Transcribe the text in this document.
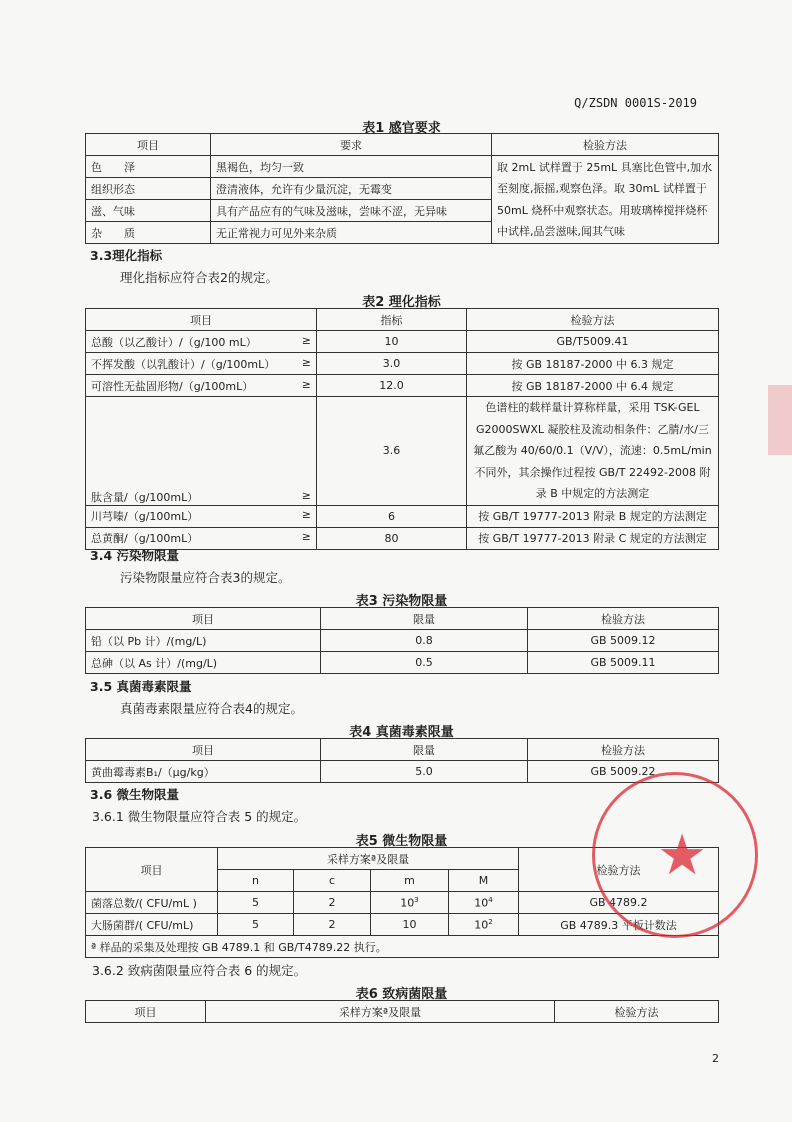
Q/ZSDN 0001S-2019
表1 感官要求
项目	要求	检验方法
色　　泽	黑褐色，均匀一致	取 2mL 试样置于 25mL 具塞比色管中,加水至刻度,振摇,观察色泽。取 30mL 试样置于 50mL 烧杯中观察状态。用玻璃棒搅拌烧杯中试样,品尝滋味,闻其气味
组织形态	澄清液体，允许有少量沉淀，无霉变	
滋、气味	具有产品应有的气味及滋味，尝味不涩，无异味	
杂　　质	无正常视力可见外来杂质	
3.3理化指标
理化指标应符合表2的规定。
表2 理化指标
项目	指标	检验方法
总酸（以乙酸计）/（g/100 mL） ≥	10	GB/T5009.41
不挥发酸（以乳酸计）/（g/100mL） ≥	3.0	按 GB 18187-2000 中 6.3 规定
可溶性无盐固形物/（g/100mL） ≥	12.0	按 GB 18187-2000 中 6.4 规定
肽含量/（g/100mL） ≥	3.6	色谱柱的载样量计算称样量，采用 TSK-GEL G2000SWXL 凝胶柱及流动相条件：乙腈/水/三氟乙酸为 40/60/0.1（V/V），流速：0.5mL/min 不同外，其余操作过程按 GB/T 22492-2008 附录 B 中规定的方法测定
川芎嗪/（g/100mL） ≥	6	按 GB/T 19777-2013 附录 B 规定的方法测定
总黄酮/（g/100mL） ≥	80	按 GB/T 19777-2013 附录 C 规定的方法测定
3.4 污染物限量
污染物限量应符合表3的规定。
表3 污染物限量
项目	限量	检验方法
铅（以 Pb 计）/(mg/L)	0.8	GB 5009.12
总砷（以 As 计）/(mg/L)	0.5	GB 5009.11
3.5 真菌毒素限量
真菌毒素限量应符合表4的规定。
表4 真菌毒素限量
项目	限量	检验方法
黄曲霉毒素B₁/（μg/kg）	5.0	GB 5009.22
3.6 微生物限量
3.6.1 微生物限量应符合表 5 的规定。
表5 微生物限量
项目	采样方案ª及限量				检验方法
	n	c	m	M	
菌落总数/( CFU/mL )	5	2	$10^3$	$10^4$	GB 4789.2
大肠菌群/( CFU/mL)	5	2	10	$10^2$	GB 4789.3 平板计数法
ª 样品的采集及处理按 GB 4789.1 和 GB/T4789.22 执行。					
3.6.2 致病菌限量应符合表 6 的规定。
表6 致病菌限量
项目	采样方案ª及限量	检验方法
★
2
